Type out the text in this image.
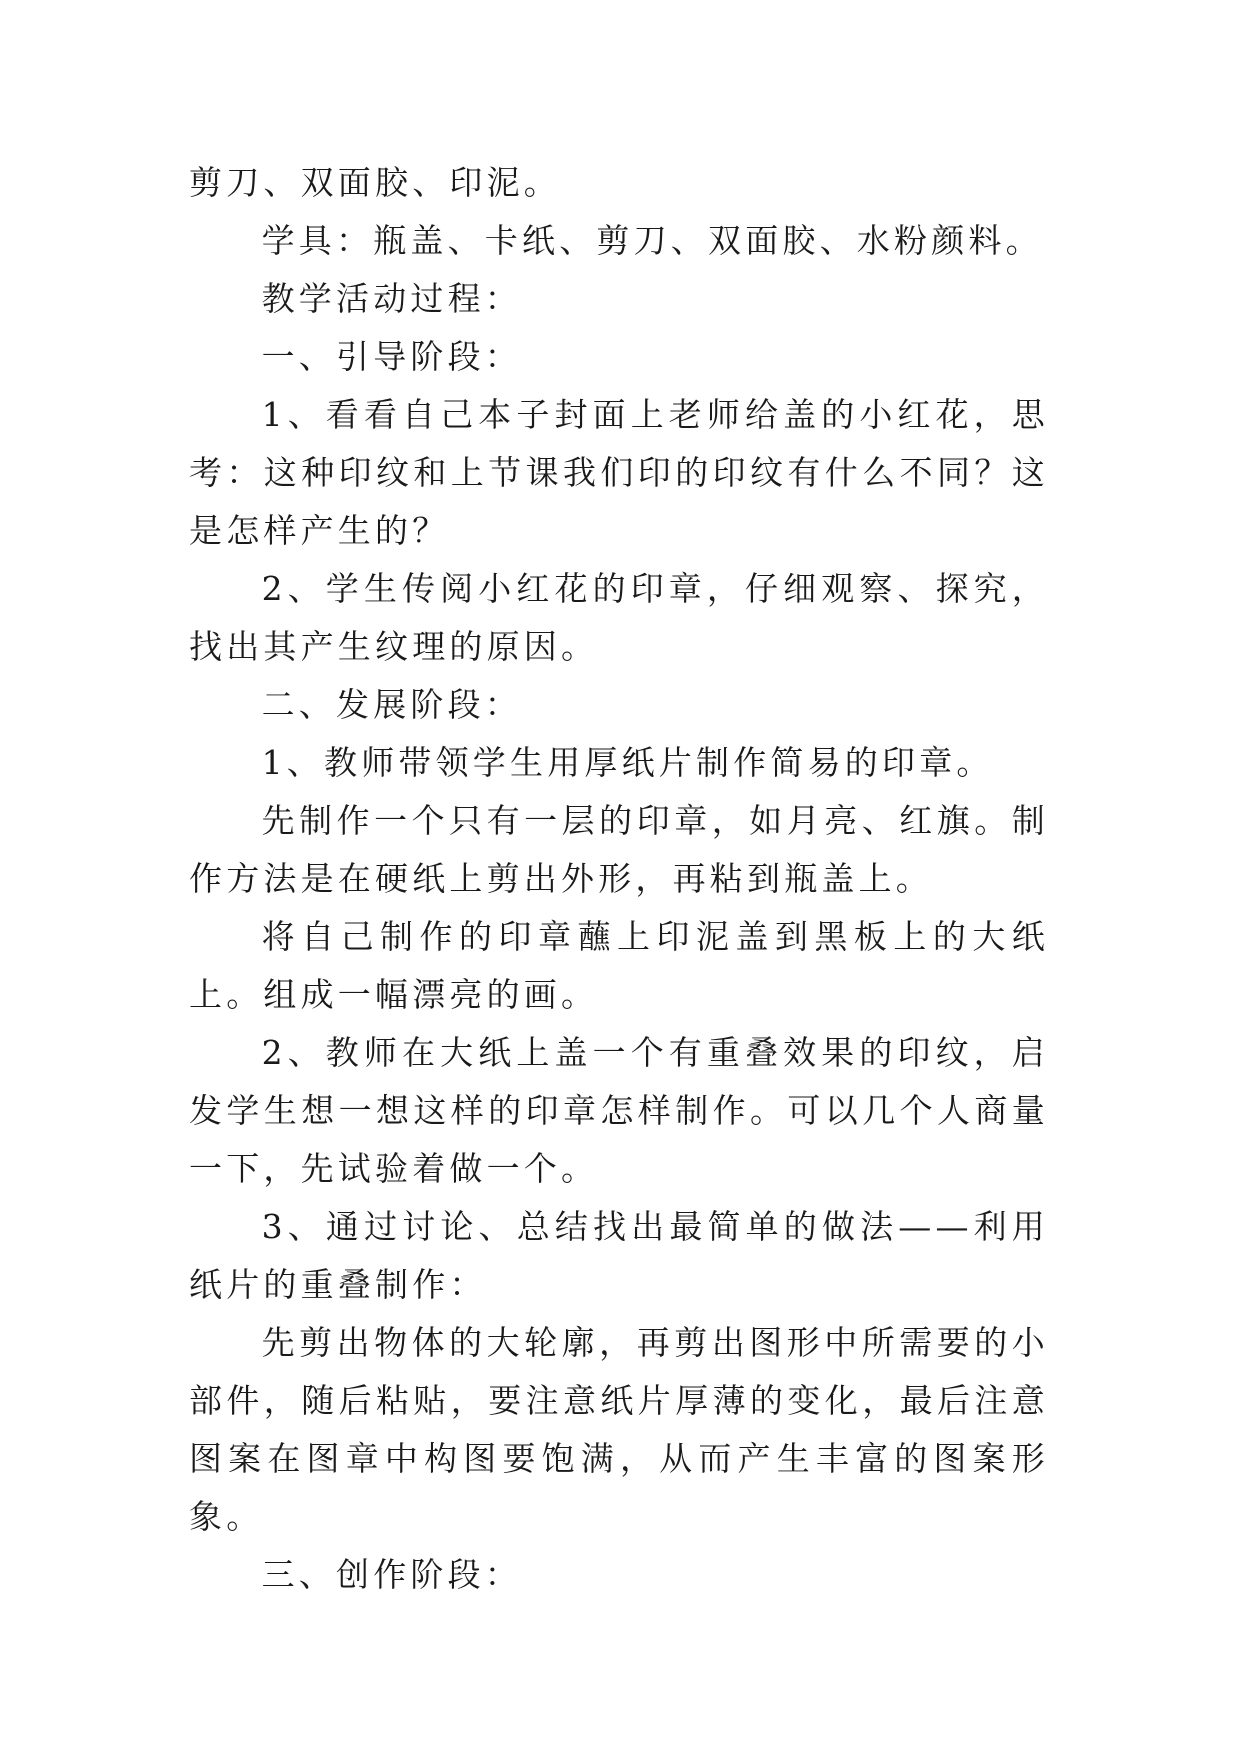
剪刀、双面胶、印泥。

学具：瓶盖、卡纸、剪刀、双面胶、水粉颜料。

教学活动过程：

一、引导阶段：

1、看看自己本子封面上老师给盖的小红花，思考：这种印纹和上节课我们印的印纹有什么不同？这是怎样产生的？

2、学生传阅小红花的印章，仔细观察、探究，找出其产生纹理的原因。

二、发展阶段：

1、教师带领学生用厚纸片制作简易的印章。

先制作一个只有一层的印章，如月亮、红旗。制作方法是在硬纸上剪出外形，再粘到瓶盖上。

将自己制作的印章蘸上印泥盖到黑板上的大纸上。组成一幅漂亮的画。

2、教师在大纸上盖一个有重叠效果的印纹，启发学生想一想这样的印章怎样制作。可以几个人商量一下，先试验着做一个。

3、通过讨论、总结找出最简单的做法——利用纸片的重叠制作：

先剪出物体的大轮廓，再剪出图形中所需要的小部件，随后粘贴，要注意纸片厚薄的变化，最后注意图案在图章中构图要饱满，从而产生丰富的图案形象。

三、创作阶段：
